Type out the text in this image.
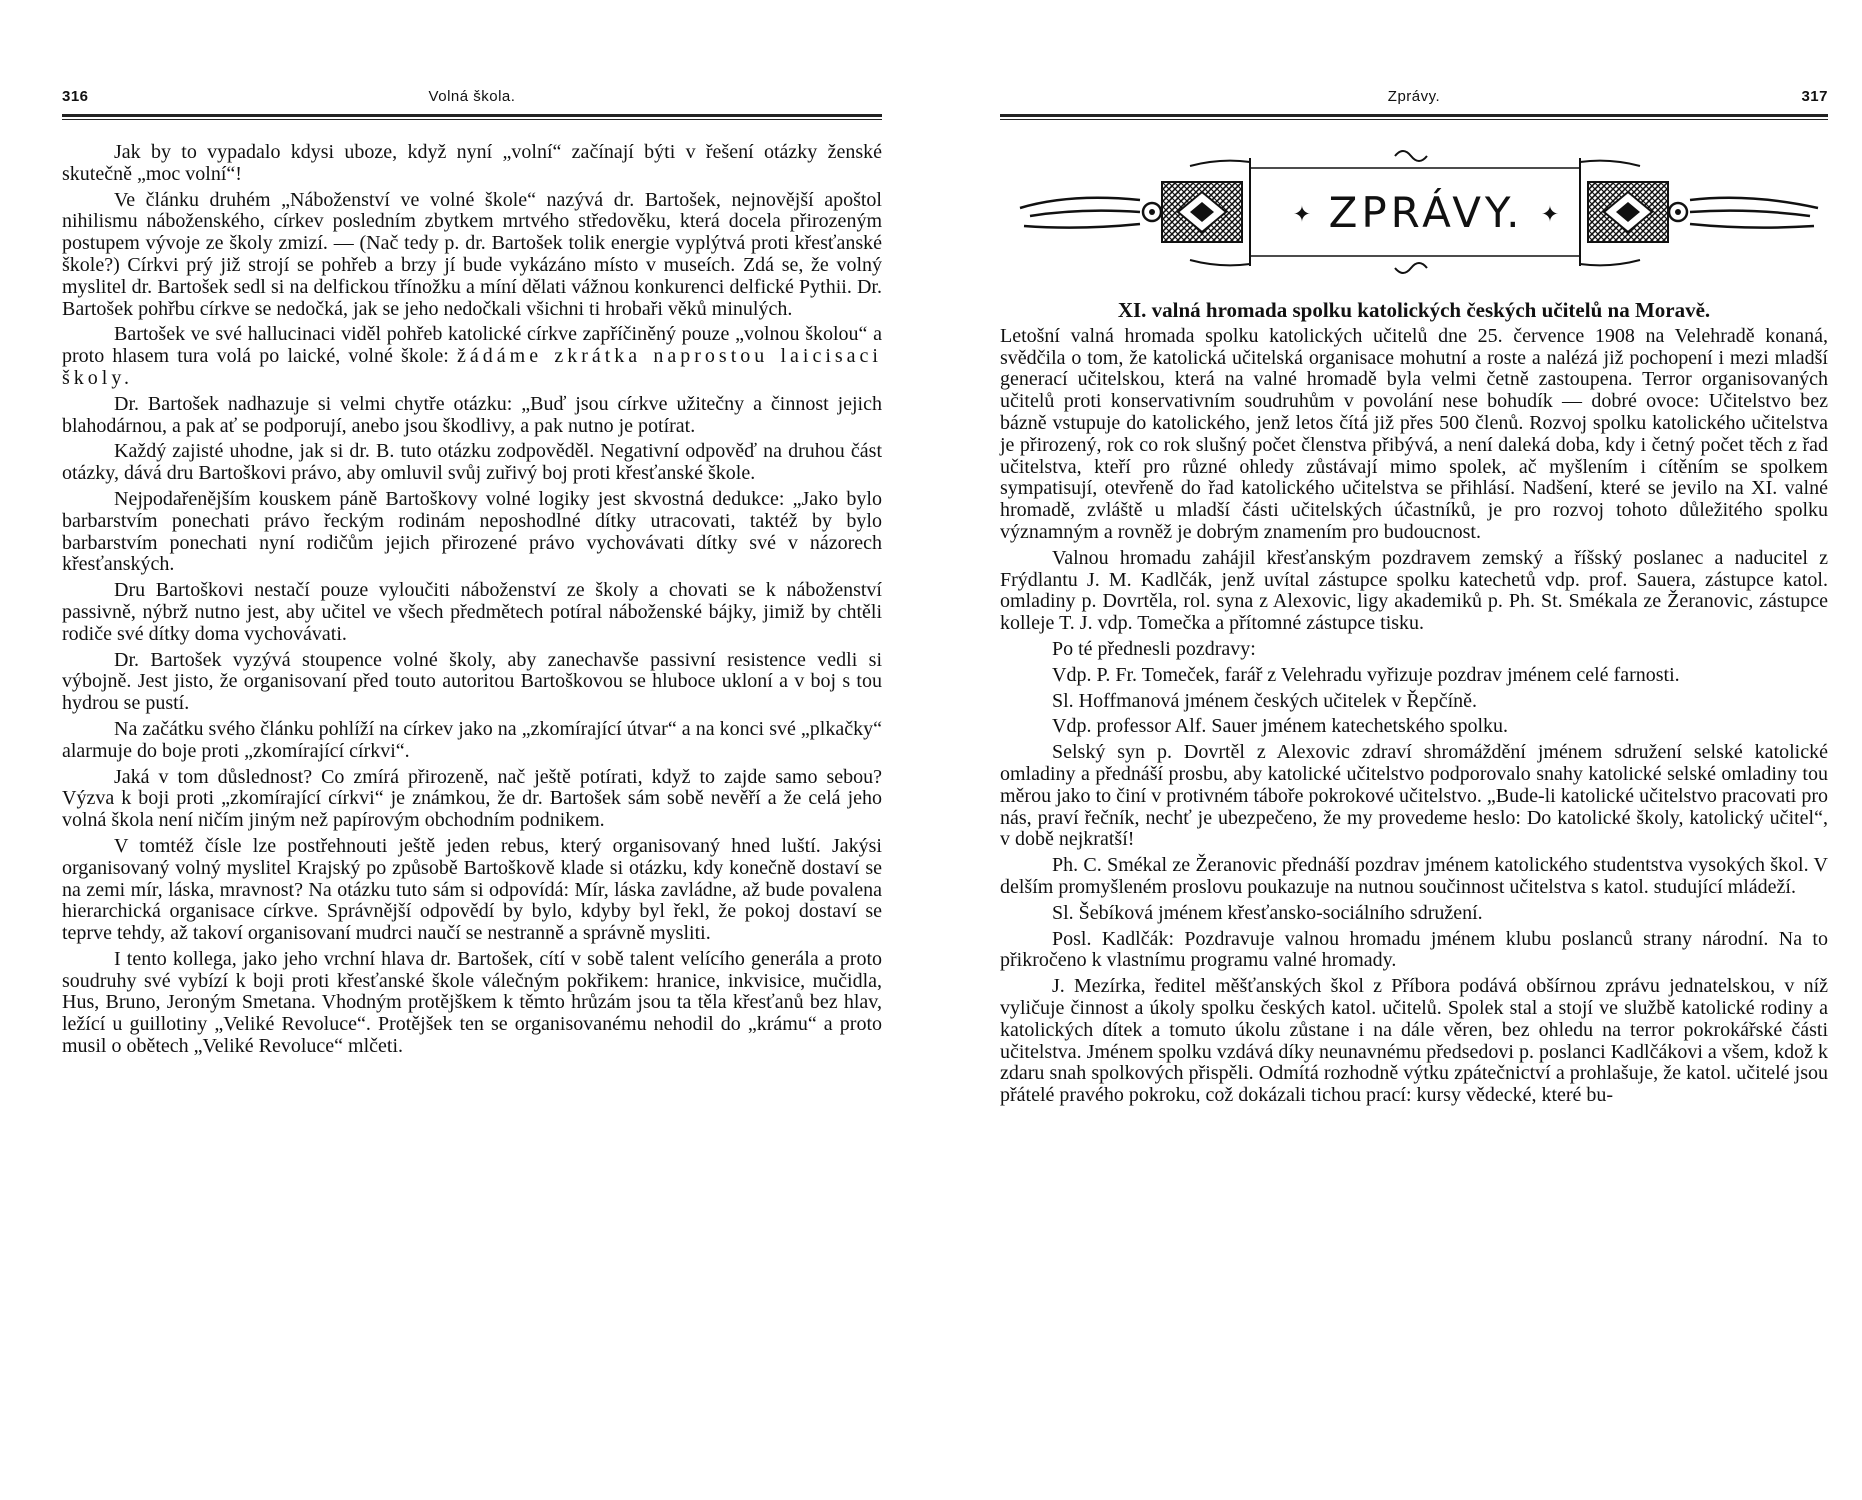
316	Volná škola.

Jak by to vypadalo kdysi uboze, když nyní „volní“ začínají býti v řešení otázky ženské skutečně „moc volní“!

Ve článku druhém „Náboženství ve volné škole“ nazývá dr. Bartošek, nejnovější apoštol nihilismu náboženského, církev posledním zbytkem mrtvého středověku, která docela přirozeným postupem vývoje ze školy zmizí. — (Nač tedy p. dr. Bartošek tolik energie vyplýtvá proti křesťanské škole?) Církvi prý již strojí se pohřeb a brzy jí bude vykázáno místo v museích. Zdá se, že volný myslitel dr. Bartošek sedl si na delfickou třínožku a míní dělati vážnou konkurenci delfické Pythii. Dr. Bartošek pohřbu církve se nedočká, jak se jeho nedočkali všichni ti hrobaři věků minulých.

Bartošek ve své hallucinaci viděl pohřeb katolické církve zapříčiněný pouze „volnou školou“ a proto hlasem tura volá po laické, volné škole: žádáme zkrátka naprostou laicisaci školy.

Dr. Bartošek nadhazuje si velmi chytře otázku: „Buď jsou církve užitečny a činnost jejich blahodárnou, a pak ať se podporují, anebo jsou škodlivy, a pak nutno je potírat.

Každý zajisté uhodne, jak si dr. B. tuto otázku zodpověděl. Negativní odpověď na druhou část otázky, dává dru Bartoškovi právo, aby omluvil svůj zuřivý boj proti křesťanské škole.

Nejpodařenějším kouskem páně Bartoškovy volné logiky jest skvostná dedukce: „Jako bylo barbarstvím ponechati právo řeckým rodinám neposhodlné dítky utracovati, taktéž by bylo barbarstvím ponechati nyní rodičům jejich přirozené právo vychovávati dítky své v názorech křesťanských.

Dru Bartoškovi nestačí pouze vyloučiti náboženství ze školy a chovati se k náboženství passivně, nýbrž nutno jest, aby učitel ve všech předmětech potíral náboženské bájky, jimiž by chtěli rodiče své dítky doma vychovávati.

Dr. Bartošek vyzývá stoupence volné školy, aby zanechavše passivní resistence vedli si výbojně. Jest jisto, že organisovaní před touto autoritou Bartoškovou se hluboce ukloní a v boj s tou hydrou se pustí.

Na začátku svého článku pohlíží na církev jako na „zkomírající útvar“ a na konci své „plkačky“ alarmuje do boje proti „zkomírající církvi“.

Jaká v tom důslednost? Co zmírá přirozeně, nač ještě potírati, když to zajde samo sebou? Výzva k boji proti „zkomírající církvi“ je známkou, že dr. Bartošek sám sobě nevěří a že celá jeho volná škola není ničím jiným než papírovým obchodním podnikem.

V tomtéž čísle lze postřehnouti ještě jeden rebus, který organisovaný hned luští. Jakýsi organisovaný volný myslitel Krajský po způsobě Bartoškově klade si otázku, kdy konečně dostaví se na zemi mír, láska, mravnost? Na otázku tuto sám si odpovídá: Mír, láska zavládne, až bude povalena hierarchická organisace církve. Správnější odpovědí by bylo, kdyby byl řekl, že pokoj dostaví se teprve tehdy, až takoví organisovaní mudrci naučí se nestranně a správně mysliti.

I tento kollega, jako jeho vrchní hlava dr. Bartošek, cítí v sobě talent velícího generála a proto soudruhy své vybízí k boji proti křesťanské škole válečným pokřikem: hranice, inkvisice, mučidla, Hus, Bruno, Jeroným Smetana. Vhodným protějškem k těmto hrůzám jsou ta těla křesťanů bez hlav, ležící u guillotiny „Veliké Revoluce“. Protějšek ten se organisovanému nehodil do „krámu“ a proto musil o obětech „Veliké Revoluce“ mlčeti.

Zprávy.	317
✦ ZPRÁVY. ✦

XI. valná hromada spolku katolických českých učitelů na Moravě.

Letošní valná hromada spolku katolických učitelů dne 25. července 1908 na Velehradě konaná, svědčila o tom, že katolická učitelská organisace mohutní a roste a nalézá již pochopení i mezi mladší generací učitelskou, která na valné hromadě byla velmi četně zastoupena. Terror organisovaných učitelů proti konservativním soudruhům v povolání nese bohudík — dobré ovoce: Učitelstvo bez bázně vstupuje do katolického, jenž letos čítá již přes 500 členů. Rozvoj spolku katolického učitelstva je přirozený, rok co rok slušný počet členstva přibývá, a není daleká doba, kdy i četný počet těch z řad učitelstva, kteří pro různé ohledy zůstávají mimo spolek, ač myšlením i cítěním se spolkem sympatisují, otevřeně do řad katolického učitelstva se přihlásí. Nadšení, které se jevilo na XI. valné hromadě, zvláště u mladší části učitelských účastníků, je pro rozvoj tohoto důležitého spolku významným a rovněž je dobrým znamením pro budoucnost.

Valnou hromadu zahájil křesťanským pozdravem zemský a říšský poslanec a naducitel z Frýdlantu J. M. Kadlčák, jenž uvítal zástupce spolku katechetů vdp. prof. Sauera, zástupce katol. omladiny p. Dovrtěla, rol. syna z Alexovic, ligy akademiků p. Ph. St. Smékala ze Žeranovic, zástupce kolleje T. J. vdp. Tomečka a přítomné zástupce tisku.

Po té přednesli pozdravy:

Vdp. P. Fr. Tomeček, farář z Velehradu vyřizuje pozdrav jménem celé farnosti.

Sl. Hoffmanová jménem českých učitelek v Řepčíně.

Vdp. professor Alf. Sauer jménem katechetského spolku.

Selský syn p. Dovrtěl z Alexovic zdraví shromáždění jménem sdružení selské katolické omladiny a přednáší prosbu, aby katolické učitelstvo podporovalo snahy katolické selské omladiny tou měrou jako to činí v protivném táboře pokrokové učitelstvo. „Bude-li katolické učitelstvo pracovati pro nás, praví řečník, nechť je ubezpečeno, že my provedeme heslo: Do katolické školy, katolický učitel“, v době nejkratší!

Ph. C. Smékal ze Žeranovic přednáší pozdrav jménem katolického studentstva vysokých škol. V delším promyšleném proslovu poukazuje na nutnou součinnost učitelstva s katol. studující mládeží.

Sl. Šebíková jménem křesťansko-sociálního sdružení.

Posl. Kadlčák: Pozdravuje valnou hromadu jménem klubu poslanců strany národní. Na to přikročeno k vlastnímu programu valné hromady.

J. Mezírka, ředitel měšťanských škol z Příbora podává obšírnou zprávu jednatelskou, v níž vyličuje činnost a úkoly spolku českých katol. učitelů. Spolek stal a stojí ve službě katolické rodiny a katolických dítek a tomuto úkolu zůstane i na dále věren, bez ohledu na terror pokrokářské části učitelstva. Jménem spolku vzdává díky neunavnému předsedovi p. poslanci Kadlčákovi a všem, kdož k zdaru snah spolkových přispěli. Odmítá rozhodně výtku zpátečnictví a prohlašuje, že katol. učitelé jsou přátelé pravého pokroku, což dokázali tichou prací: kursy vědecké, které bu-
